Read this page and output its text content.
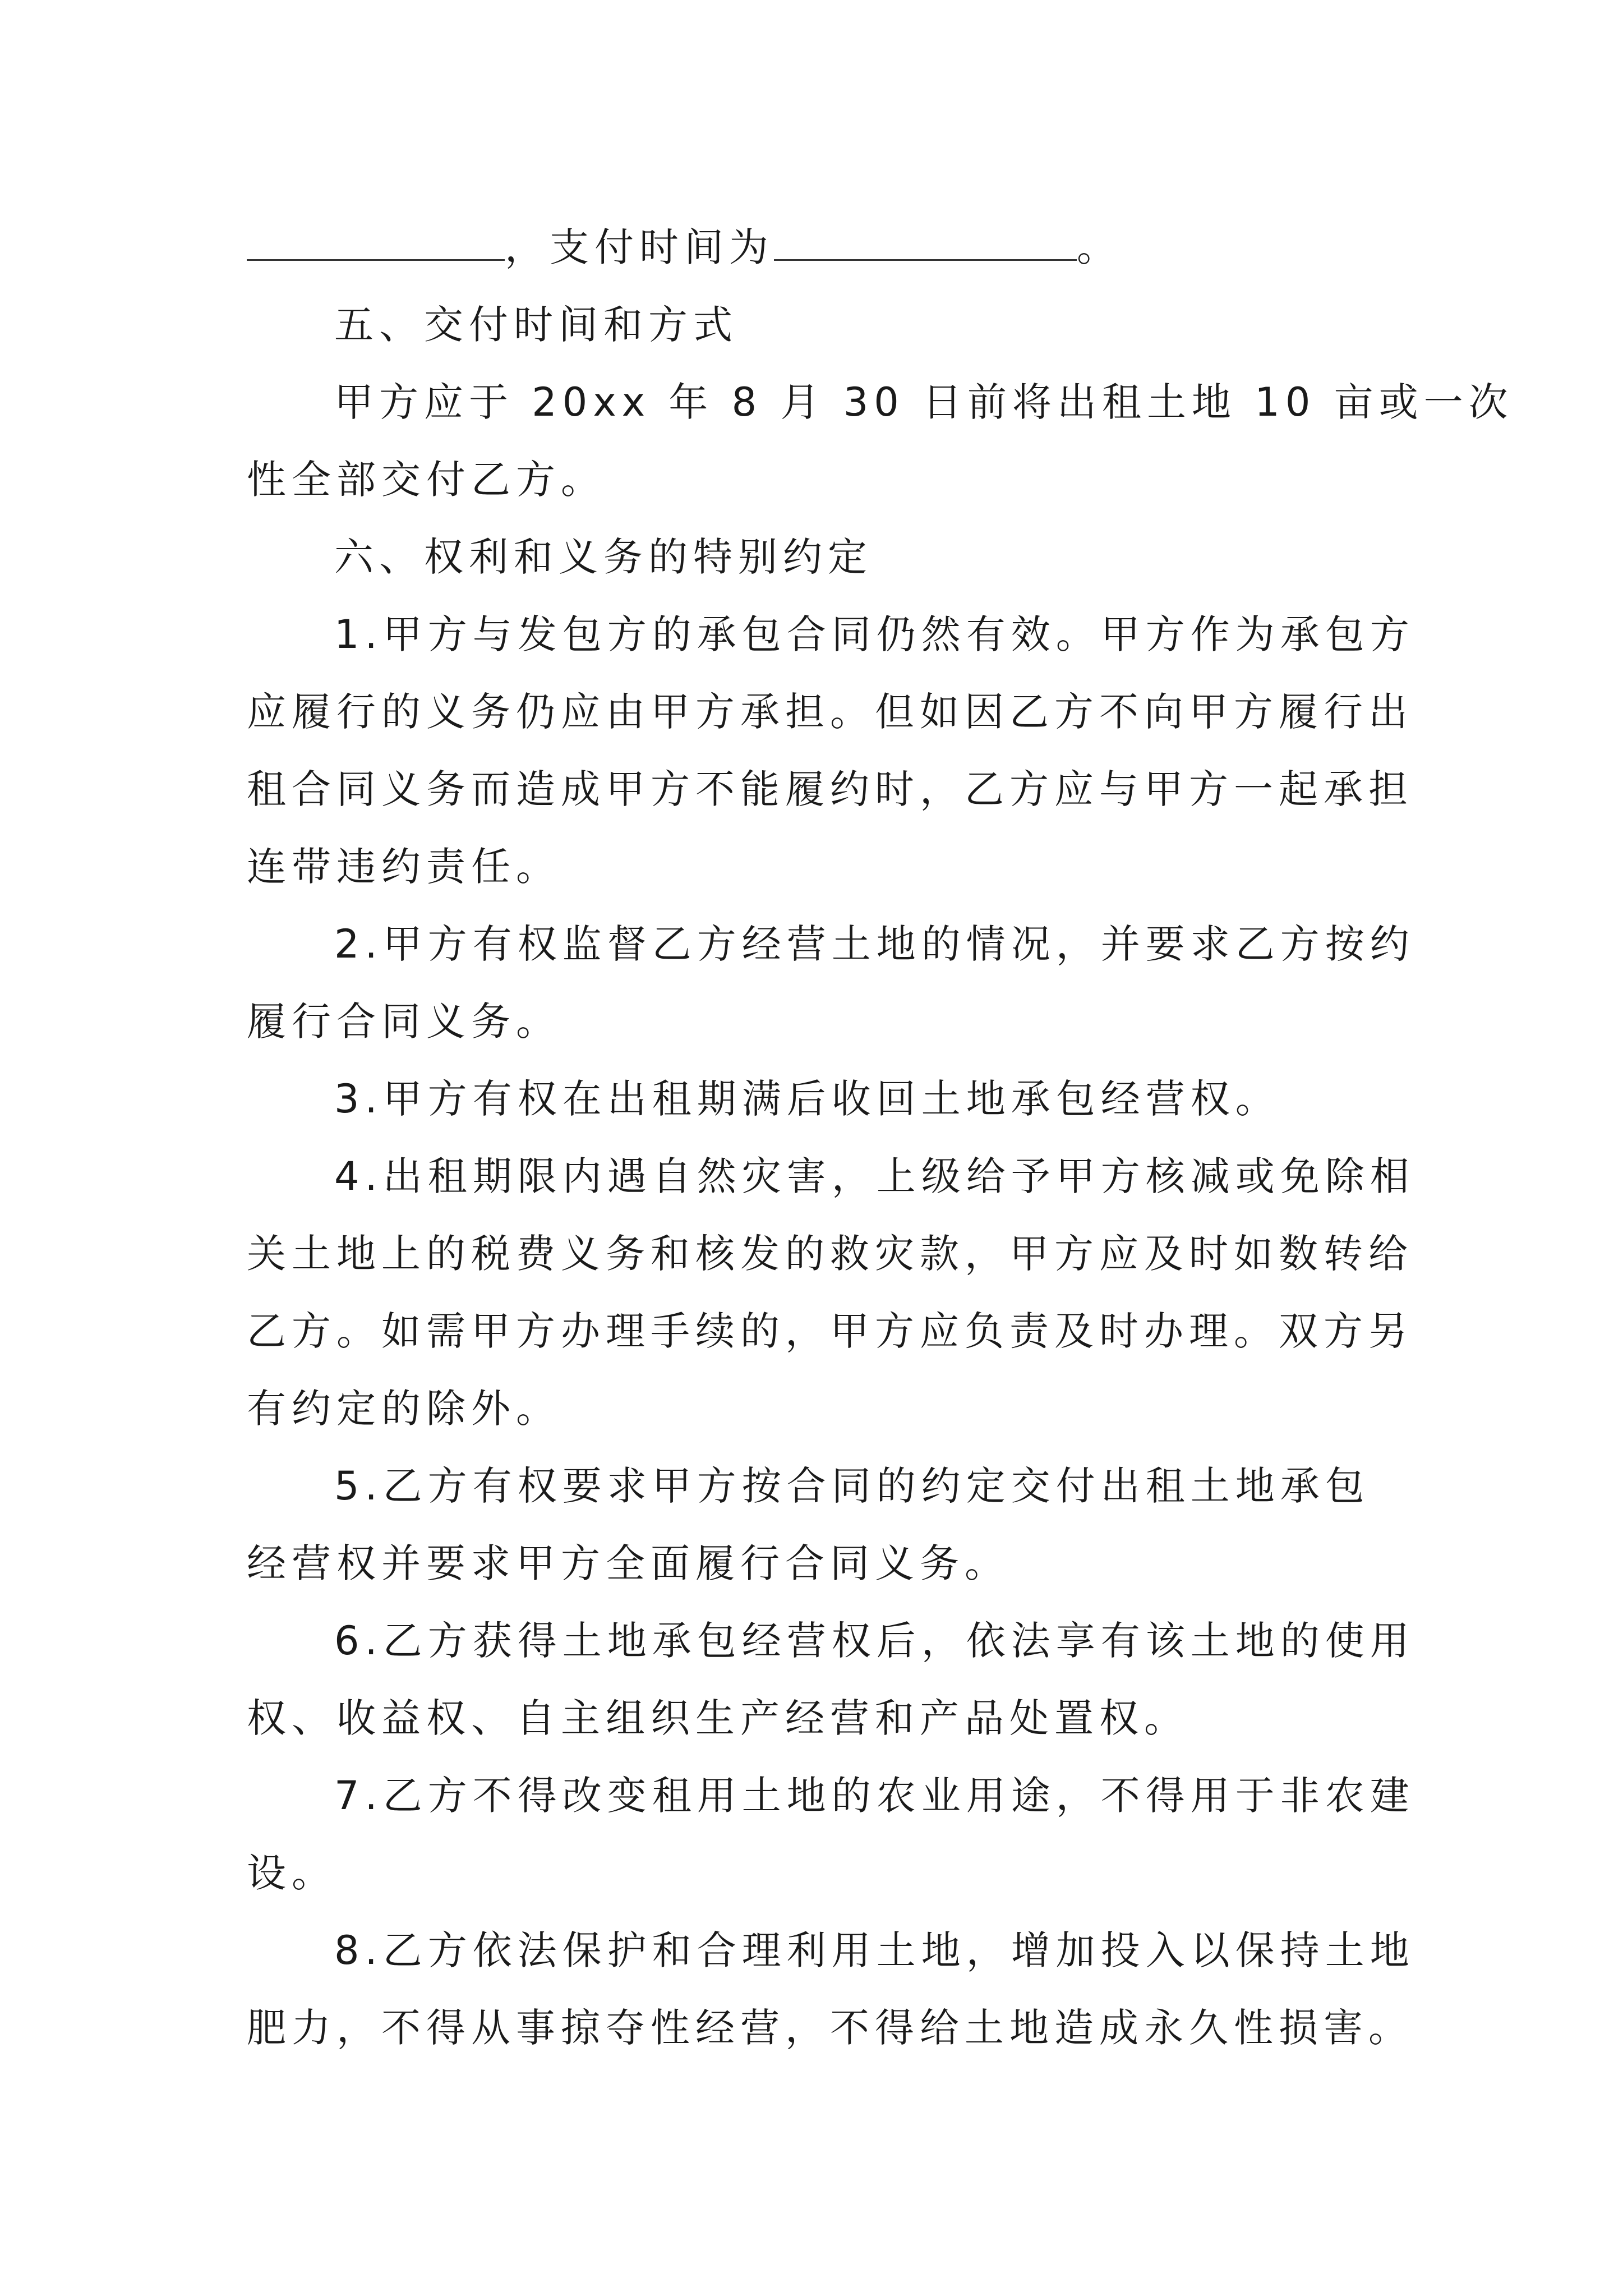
，支付时间为	。
五、交付时间和方式
甲方应于 20xx 年 8 月 30 日前将出租土地 10 亩或一次
性全部交付乙方。
六、权利和义务的特别约定
1.甲方与发包方的承包合同仍然有效。甲方作为承包方
应履行的义务仍应由甲方承担。但如因乙方不向甲方履行出
租合同义务而造成甲方不能履约时，乙方应与甲方一起承担
连带违约责任。
2.甲方有权监督乙方经营土地的情况，并要求乙方按约
履行合同义务。
3.甲方有权在出租期满后收回土地承包经营权。
4.出租期限内遇自然灾害，上级给予甲方核减或免除相
关土地上的税费义务和核发的救灾款，甲方应及时如数转给
乙方。如需甲方办理手续的，甲方应负责及时办理。双方另
有约定的除外。
5.乙方有权要求甲方按合同的约定交付出租土地承包
经营权并要求甲方全面履行合同义务。
6.乙方获得土地承包经营权后，依法享有该土地的使用
权、收益权、自主组织生产经营和产品处置权。
7.乙方不得改变租用土地的农业用途，不得用于非农建
设。
8.乙方依法保护和合理利用土地，增加投入以保持土地
肥力，不得从事掠夺性经营，不得给土地造成永久性损害。
